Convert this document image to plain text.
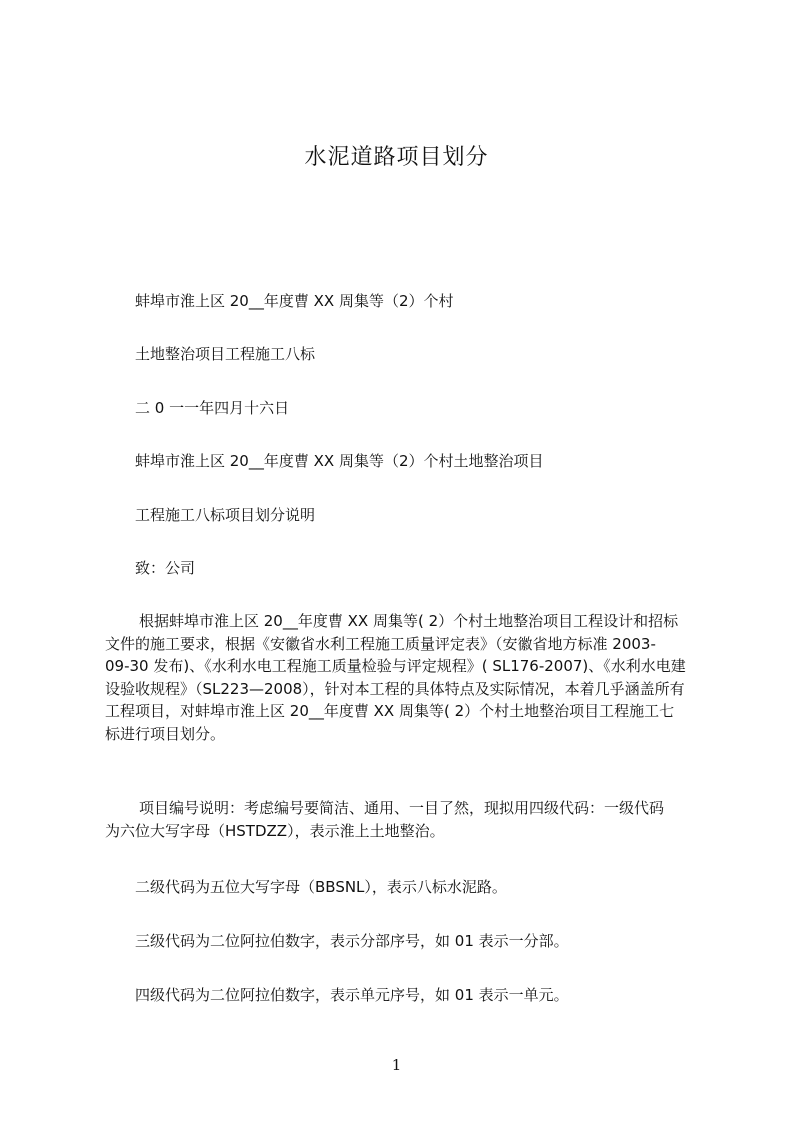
水泥道路项目划分
蚌埠市淮上区 20__年度曹 XX 周集等（2）个村
土地整治项目工程施工八标
二 0 一一年四月十六日
蚌埠市淮上区 20__年度曹 XX 周集等（2）个村土地整治项目
工程施工八标项目划分说明
致：公司
根据蚌埠市淮上区 20__年度曹 XX 周集等( 2）个村土地整治项目工程设计和招标
文件的施工要求，根据《安徽省水利工程施工质量评定表》（安徽省地方标准 2003-
09-30 发布)、《水利水电工程施工质量检验与评定规程》( SL176-2007)、《水利水电建
设验收规程》（SL223—2008），针对本工程的具体特点及实际情况，本着几乎涵盖所有
工程项目，对蚌埠市淮上区 20__年度曹 XX 周集等( 2）个村土地整治项目工程施工七
标进行项目划分。
项目编号说明：考虑编号要简洁、通用、一目了然，现拟用四级代码：一级代码
为六位大写字母（HSTDZZ），表示淮上土地整治。
二级代码为五位大写字母（BBSNL），表示八标水泥路。
三级代码为二位阿拉伯数字，表示分部序号，如 01 表示一分部。
四级代码为二位阿拉伯数字，表示单元序号，如 01 表示一单元。
1
